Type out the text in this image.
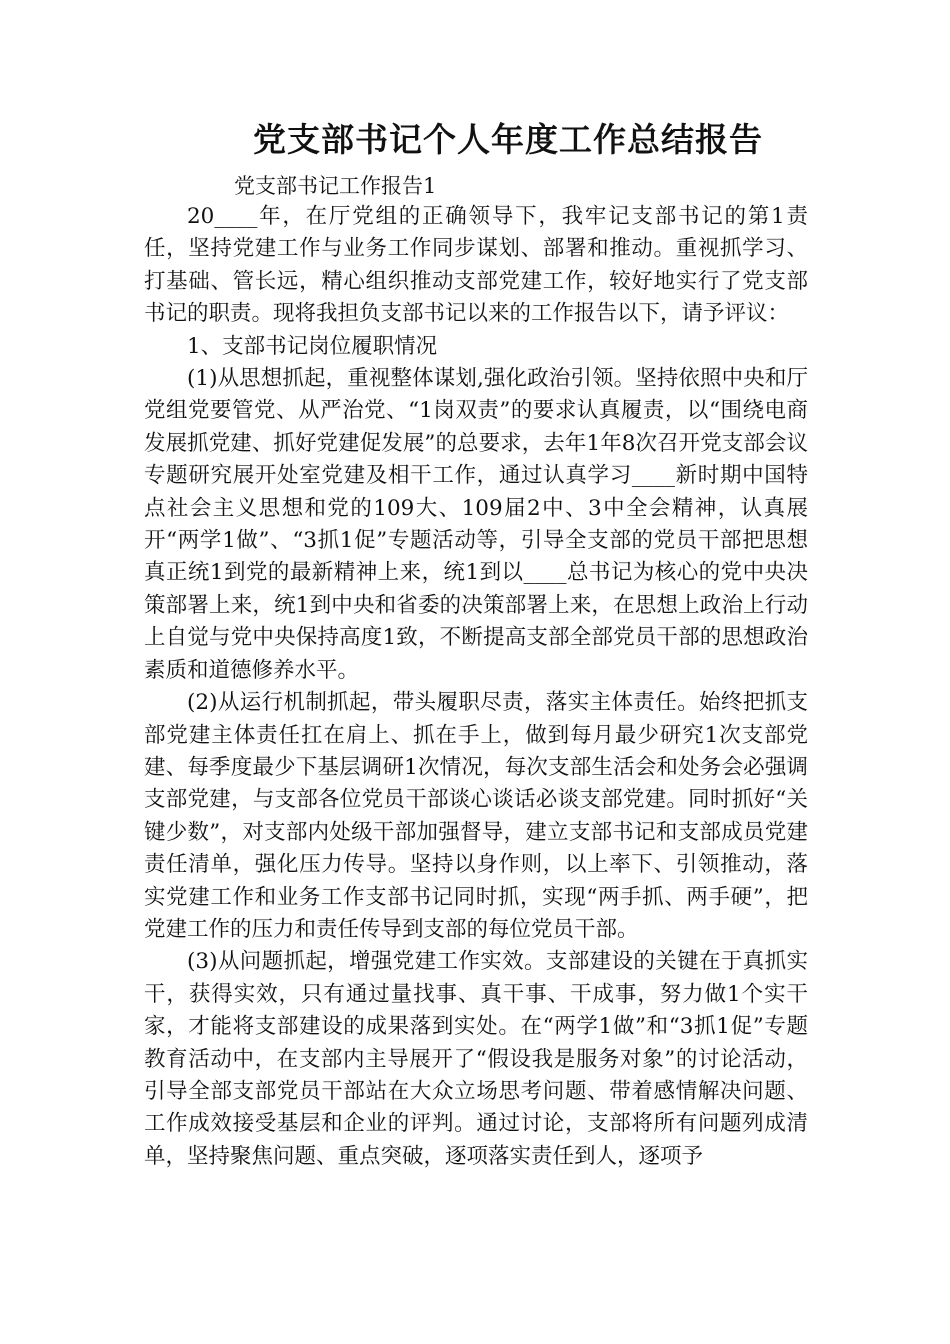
党支部书记个人年度工作总结报告
党支部书记工作报告1

20____年，在厅党组的正确领导下，我牢记支部书记的第1责任，坚持党建工作与业务工作同步谋划、部署和推动。重视抓学习、打基础、管长远，精心组织推动支部党建工作，较好地实行了党支部书记的职责。现将我担负支部书记以来的工作报告以下，请予评议：

1、支部书记岗位履职情况

(1)从思想抓起，重视整体谋划,强化政治引领。坚持依照中央和厅党组党要管党、从严治党、“1岗双责”的要求认真履责，以“围绕电商发展抓党建、抓好党建促发展”的总要求，去年1年8次召开党支部会议专题研究展开处室党建及相干工作，通过认真学习____新时期中国特点社会主义思想和党的109大、109届2中、3中全会精神，认真展开“两学1做”、“3抓1促”专题活动等，引导全支部的党员干部把思想真正统1到党的最新精神上来，统1到以____总书记为核心的党中央决策部署上来，统1到中央和省委的决策部署上来，在思想上政治上行动上自觉与党中央保持高度1致，不断提高支部全部党员干部的思想政治素质和道德修养水平。

(2)从运行机制抓起，带头履职尽责，落实主体责任。始终把抓支部党建主体责任扛在肩上、抓在手上，做到每月最少研究1次支部党建、每季度最少下基层调研1次情况，每次支部生活会和处务会必强调支部党建，与支部各位党员干部谈心谈话必谈支部党建。同时抓好“关键少数”，对支部内处级干部加强督导，建立支部书记和支部成员党建责任清单，强化压力传导。坚持以身作则，以上率下、引领推动，落实党建工作和业务工作支部书记同时抓，实现“两手抓、两手硬”，把党建工作的压力和责任传导到支部的每位党员干部。

(3)从问题抓起，增强党建工作实效。支部建设的关键在于真抓实干，获得实效，只有通过量找事、真干事、干成事，努力做1个实干家，才能将支部建设的成果落到实处。在“两学1做”和“3抓1促”专题教育活动中，在支部内主导展开了“假设我是服务对象”的讨论活动，引导全部支部党员干部站在大众立场思考问题、带着感情解决问题、工作成效接受基层和企业的评判。通过讨论，支部将所有问题列成清单，坚持聚焦问题、重点突破，逐项落实责任到人，逐项予
